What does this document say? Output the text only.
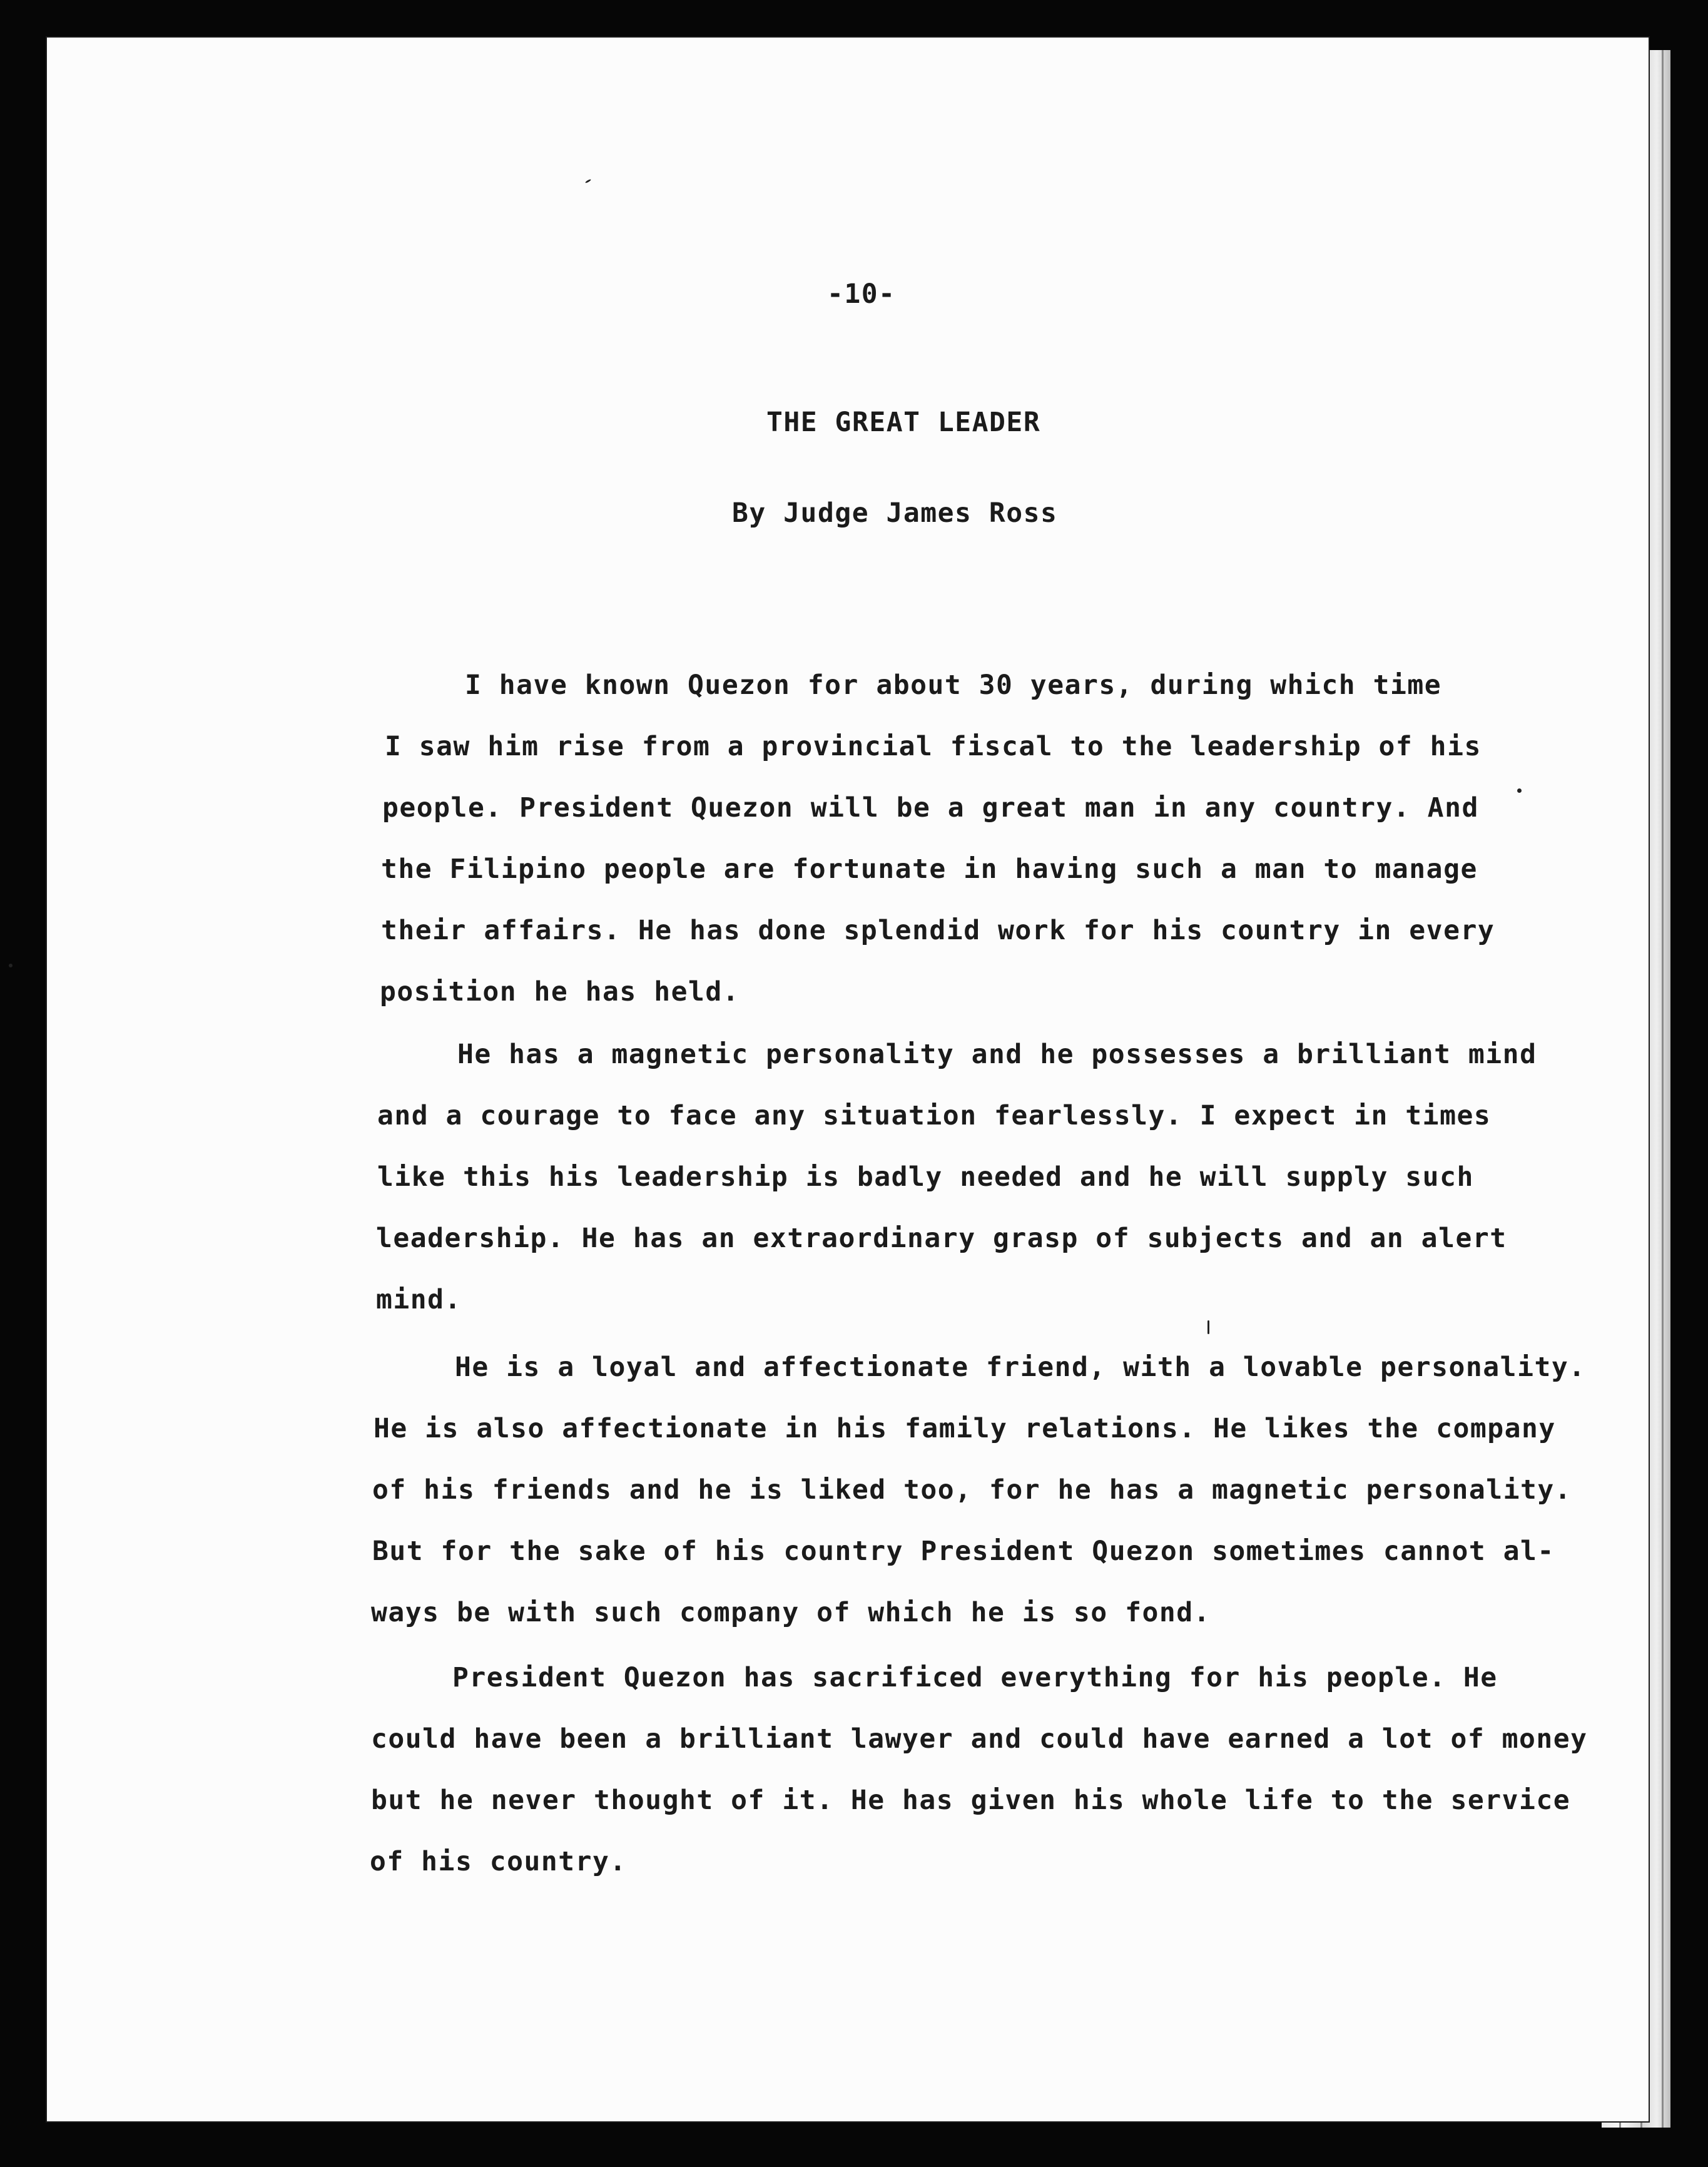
-10-
THE GREAT LEADER
By Judge James Ross
I have known Quezon for about 30 years, during which time
I saw him rise from a provincial fiscal to the leadership of his
people. President Quezon will be a great man in any country. And
the Filipino people are fortunate in having such a man to manage
their affairs. He has done splendid work for his country in every
position he has held.
He has a magnetic personality and he possesses a brilliant mind
and a courage to face any situation fearlessly. I expect in times
like this his leadership is badly needed and he will supply such
leadership. He has an extraordinary grasp of subjects and an alert
mind.
He is a loyal and affectionate friend, with a lovable personality.
He is also affectionate in his family relations. He likes the company
of his friends and he is liked too, for he has a magnetic personality.
But for the sake of his country President Quezon sometimes cannot al-
ways be with such company of which he is so fond.
President Quezon has sacrificed everything for his people. He
could have been a brilliant lawyer and could have earned a lot of money
but he never thought of it. He has given his whole life to the service
of his country.
